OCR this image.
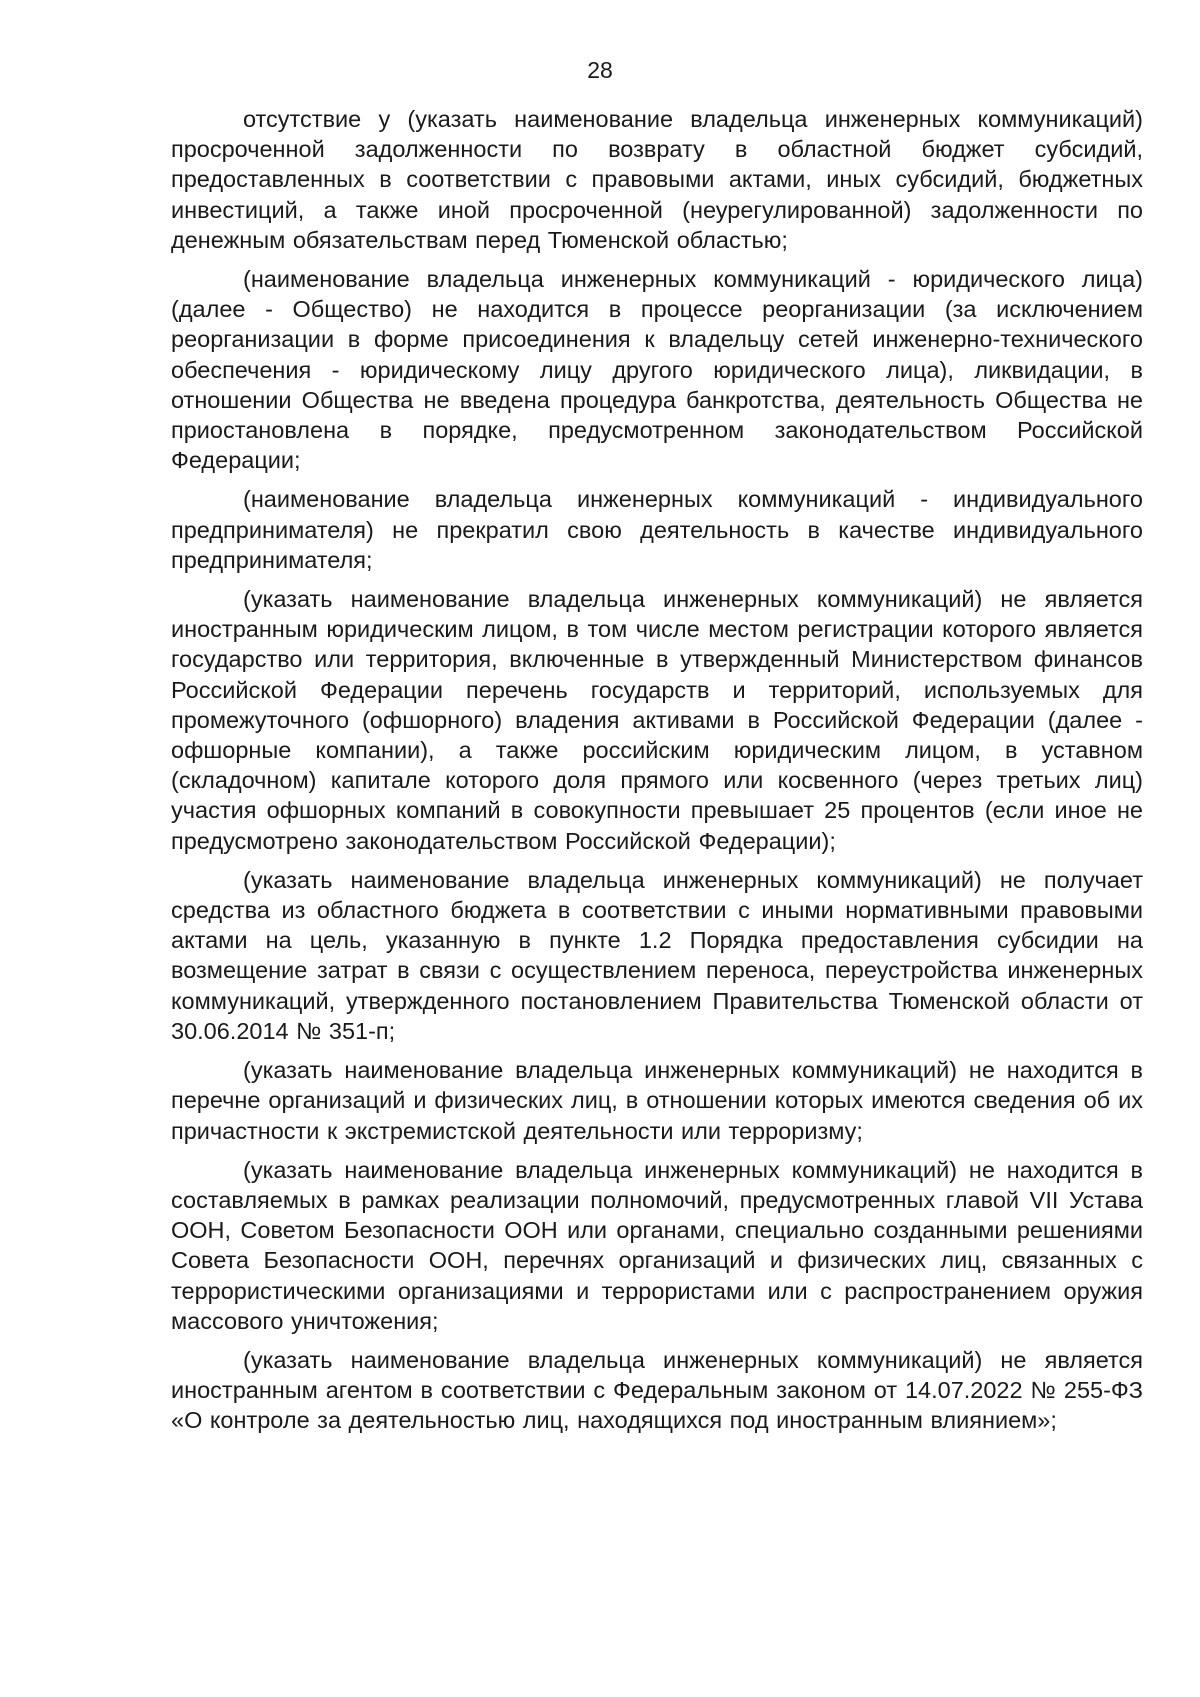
28

отсутствие у (указать наименование владельца инженерных коммуникаций) просроченной задолженности по возврату в областной бюджет субсидий, предоставленных в соответствии с правовыми актами, иных субсидий, бюджетных инвестиций, а также иной просроченной (неурегулированной) задолженности по денежным обязательствам перед Тюменской областью;

(наименование владельца инженерных коммуникаций - юридического лица) (далее - Общество) не находится в процессе реорганизации (за исключением реорганизации в форме присоединения к владельцу сетей инженерно-технического обеспечения - юридическому лицу другого юридического лица), ликвидации, в отношении Общества не введена процедура банкротства, деятельность Общества не приостановлена в порядке, предусмотренном законодательством Российской Федерации;

(наименование владельца инженерных коммуникаций - индивидуального предпринимателя) не прекратил свою деятельность в качестве индивидуального предпринимателя;

(указать наименование владельца инженерных коммуникаций) не является иностранным юридическим лицом, в том числе местом регистрации которого является государство или территория, включенные в утвержденный Министерством финансов Российской Федерации перечень государств и территорий, используемых для промежуточного (офшорного) владения активами в Российской Федерации (далее - офшорные компании), а также российским юридическим лицом, в уставном (складочном) капитале которого доля прямого или косвенного (через третьих лиц) участия офшорных компаний в совокупности превышает 25 процентов (если иное не предусмотрено законодательством Российской Федерации);

(указать наименование владельца инженерных коммуникаций) не получает средства из областного бюджета в соответствии с иными нормативными правовыми актами на цель, указанную в пункте 1.2 Порядка предоставления субсидии на возмещение затрат в связи с осуществлением переноса, переустройства инженерных коммуникаций, утвержденного постановлением Правительства Тюменской области от 30.06.2014 № 351-п;

(указать наименование владельца инженерных коммуникаций) не находится в перечне организаций и физических лиц, в отношении которых имеются сведения об их причастности к экстремистской деятельности или терроризму;

(указать наименование владельца инженерных коммуникаций) не находится в составляемых в рамках реализации полномочий, предусмотренных главой VII Устава ООН, Советом Безопасности ООН или органами, специально созданными решениями Совета Безопасности ООН, перечнях организаций и физических лиц, связанных с террористическими организациями и террористами или с распространением оружия массового уничтожения;

(указать наименование владельца инженерных коммуникаций) не является иностранным агентом в соответствии с Федеральным законом от 14.07.2022 № 255-ФЗ «О контроле за деятельностью лиц, находящихся под иностранным влиянием»;
